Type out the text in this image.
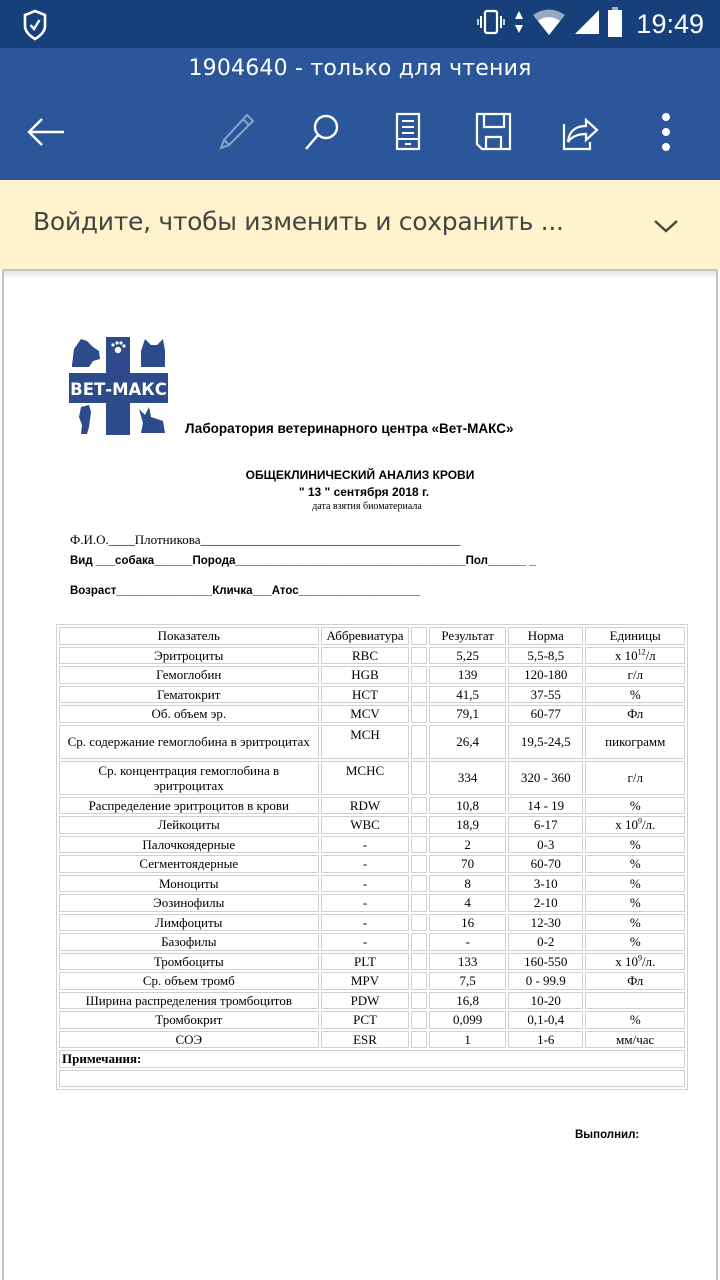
19:49
1904640 - только для чтения
Войдите, чтобы изменить и сохранить ...
ВЕТ-МАКС
Лаборатория ветеринарного центра «Вет-МАКС»
ОБЩЕКЛИНИЧЕСКИЙ АНАЛИЗ КРОВИ
" 13 " сентября 2018 г.
дата взятия биоматериала
Ф.И.О.____Плотникова________________________________________
Вид ___собака______Порода____________________________________Пол______ _
Возраст_______________Кличка___Атос___________________
Показатель	Аббревиатура		Результат	Норма	Единицы
Эритроциты	RBC		5,25	5,5-8,5	х $10^{12}/л$
Гемоглобин	HGB		139	120-180	г/л
Гематокрит	HCT		41,5	37-55	%
Об. объем эр.	MCV		79,1	60-77	Фл
Ср. содержание гемоглобина в эритроцитах	MCH		26,4	19,5-24,5	пикограмм
Ср. концентрация гемоглобина в эритроцитах	MCHC		334	320 - 360	г/л
Распределение эритроцитов в крови	RDW		10,8	14 - 19	%
Лейкоциты	WBC		18,9	6-17	х $10^9/л$.
Палочкоядерные	-		2	0-3	%
Сегментоядерные	-		70	60-70	%
Моноциты	-		8	3-10	%
Эозинофилы	-		4	2-10	%
Лимфоциты	-		16	12-30	%
Базофилы	-		-	0-2	%
Тромбоциты	PLT		133	160-550	х $10^9/л$.
Ср. объем тромб	MPV		7,5	0 - 99.9	Фл
Ширина распределения тромбоцитов	PDW		16,8	10-20	
Тромбокрит	PCT		0,099	0,1-0,4	%
СОЭ	ESR		1	1-6	мм/час
Примечания:					

Выполнил:
